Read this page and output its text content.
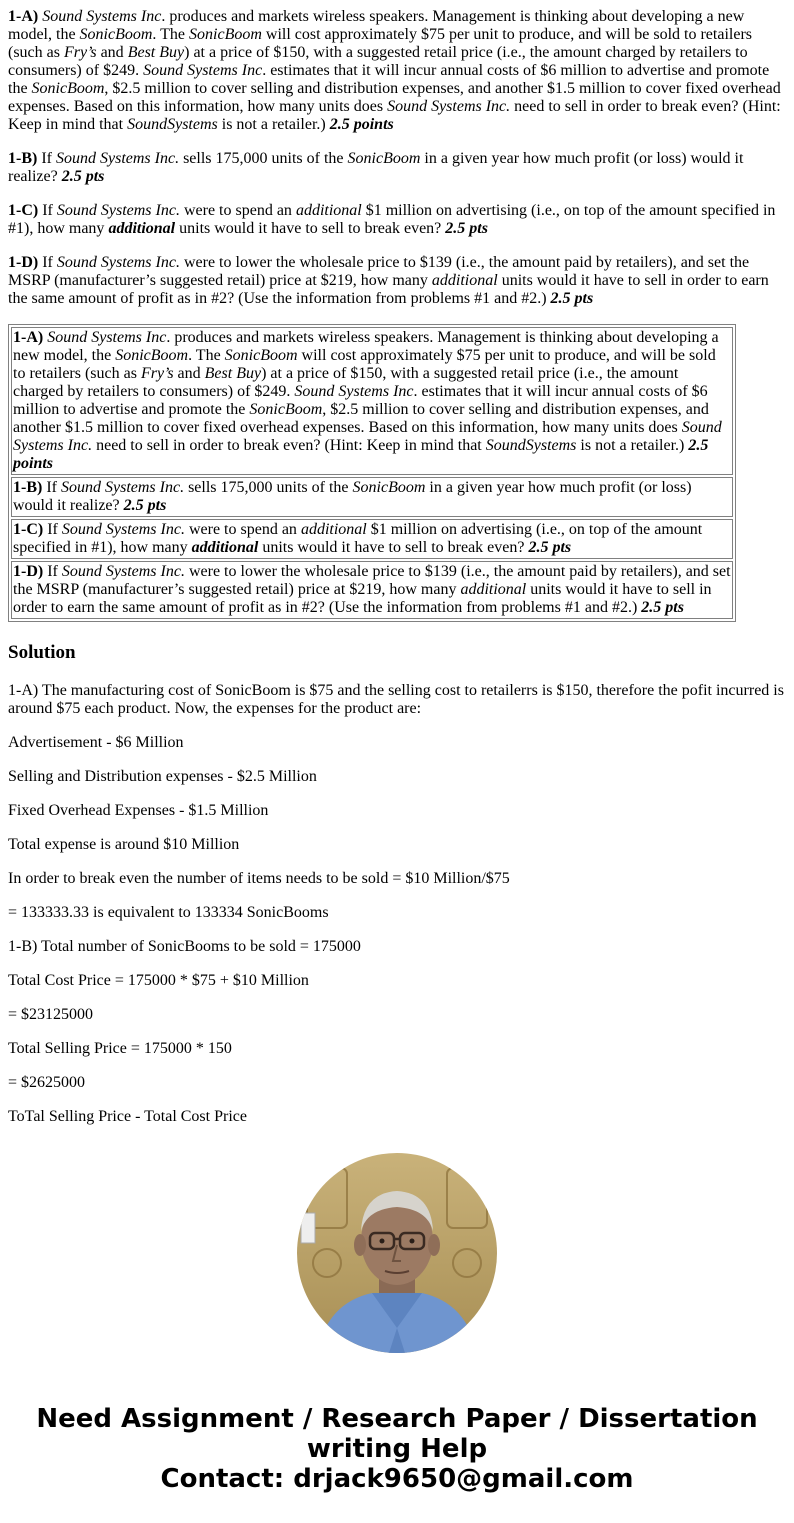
1-A) Sound Systems Inc. produces and markets wireless speakers. Management is thinking about developing a new model, the SonicBoom. The SonicBoom will cost approximately $75 per unit to produce, and will be sold to retailers (such as Fry’s and Best Buy) at a price of $150, with a suggested retail price (i.e., the amount charged by retailers to consumers) of $249. Sound Systems Inc. estimates that it will incur annual costs of $6 million to advertise and promote the SonicBoom, $2.5 million to cover selling and distribution expenses, and another $1.5 million to cover fixed overhead expenses. Based on this information, how many units does Sound Systems Inc. need to sell in order to break even? (Hint: Keep in mind that SoundSystems is not a retailer.) 2.5 points

1-B) If Sound Systems Inc. sells 175,000 units of the SonicBoom in a given year how much profit (or loss) would it realize? 2.5 pts

1-C) If Sound Systems Inc. were to spend an additional $1 million on advertising (i.e., on top of the amount specified in #1), how many additional units would it have to sell to break even? 2.5 pts

1-D) If Sound Systems Inc. were to lower the wholesale price to $139 (i.e., the amount paid by retailers), and set the MSRP (manufacturer’s suggested retail) price at $219, how many additional units would it have to sell in order to earn the same amount of profit as in #2? (Use the information from problems #1 and #2.) 2.5 pts

1-A) Sound Systems Inc. produces and markets wireless speakers. Management is thinking about developing a new model, the SonicBoom. The SonicBoom will cost approximately $75 per unit to produce, and will be sold to retailers (such as Fry’s and Best Buy) at a price of $150, with a suggested retail price (i.e., the amount charged by retailers to consumers) of $249. Sound Systems Inc. estimates that it will incur annual costs of $6 million to advertise and promote the SonicBoom, $2.5 million to cover selling and distribution expenses, and another $1.5 million to cover fixed overhead expenses. Based on this information, how many units does Sound Systems Inc. need to sell in order to break even? (Hint: Keep in mind that SoundSystems is not a retailer.) 2.5 points

1-B) If Sound Systems Inc. sells 175,000 units of the SonicBoom in a given year how much profit (or loss) would it realize? 2.5 pts

1-C) If Sound Systems Inc. were to spend an additional $1 million on advertising (i.e., on top of the amount specified in #1), how many additional units would it have to sell to break even? 2.5 pts

1-D) If Sound Systems Inc. were to lower the wholesale price to $139 (i.e., the amount paid by retailers), and set the MSRP (manufacturer’s suggested retail) price at $219, how many additional units would it have to sell in order to earn the same amount of profit as in #2? (Use the information from problems #1 and #2.) 2.5 pts

Solution

1-A) The manufacturing cost of SonicBoom is $75 and the selling cost to retailerrs is $150, therefore the pofit incurred is around $75 each product. Now, the expenses for the product are:

Advertisement - $6 Million

Selling and Distribution expenses - $2.5 Million

Fixed Overhead Expenses - $1.5 Million

Total expense is around $10 Million

In order to break even the number of items needs to be sold = $10 Million/$75

= 133333.33 is equivalent to 133334 SonicBooms

1-B) Total number of SonicBooms to be sold = 175000

Total Cost Price = 175000 * $75 + $10 Million

= $23125000

Total Selling Price = 175000 * 150

= $2625000

ToTal Selling Price - Total Cost Price

Need Assignment / Research Paper / Dissertation
writing Help
Contact: drjack9650@gmail.com
